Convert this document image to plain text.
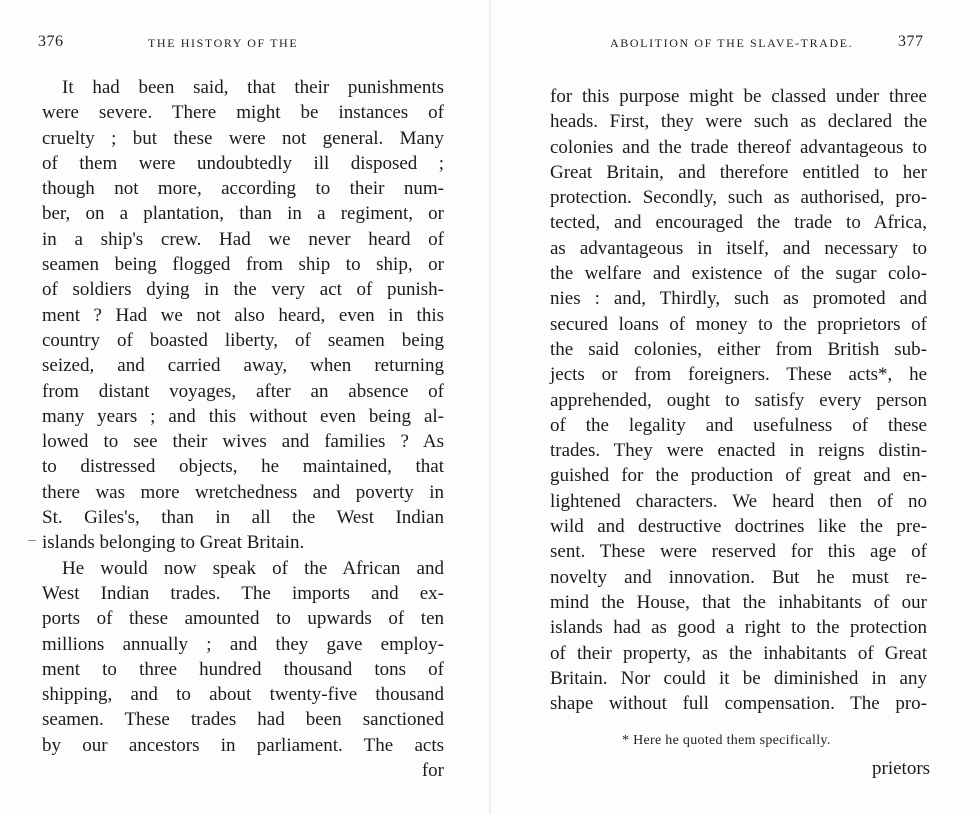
376	THE HISTORY OF THE
It had been said, that their punishments
were severe. There might be instances of
cruelty ; but these were not general. Many
of them were undoubtedly ill disposed ;
though not more, according to their num-
ber, on a plantation, than in a regiment, or
in a ship's crew. Had we never heard of
seamen being flogged from ship to ship, or
of soldiers dying in the very act of punish-
ment ? Had we not also heard, even in this
country of boasted liberty, of seamen being
seized, and carried away, when returning
from distant voyages, after an absence of
many years ; and this without even being al-
lowed to see their wives and families ? As
to distressed objects, he maintained, that
there was more wretchedness and poverty in
St. Giles's, than in all the West Indian
islands belonging to Great Britain.
He would now speak of the African and
West Indian trades. The imports and ex-
ports of these amounted to upwards of ten
millions annually ; and they gave employ-
ment to three hundred thousand tons of
shipping, and to about twenty-five thousand
seamen. These trades had been sanctioned
by our ancestors in parliament. The acts
for
ABOLITION OF THE SLAVE-TRADE.	377
for this purpose might be classed under three
heads. First, they were such as declared the
colonies and the trade thereof advantageous to
Great Britain, and therefore entitled to her
protection. Secondly, such as authorised, pro-
tected, and encouraged the trade to Africa,
as advantageous in itself, and necessary to
the welfare and existence of the sugar colo-
nies : and, Thirdly, such as promoted and
secured loans of money to the proprietors of
the said colonies, either from British sub-
jects or from foreigners. These acts*, he
apprehended, ought to satisfy every person
of the legality and usefulness of these
trades. They were enacted in reigns distin-
guished for the production of great and en-
lightened characters. We heard then of no
wild and destructive doctrines like the pre-
sent. These were reserved for this age of
novelty and innovation. But he must re-
mind the House, that the inhabitants of our
islands had as good a right to the protection
of their property, as the inhabitants of Great
Britain. Nor could it be diminished in any
shape without full compensation. The pro-
* Here he quoted them specifically.
prietors
